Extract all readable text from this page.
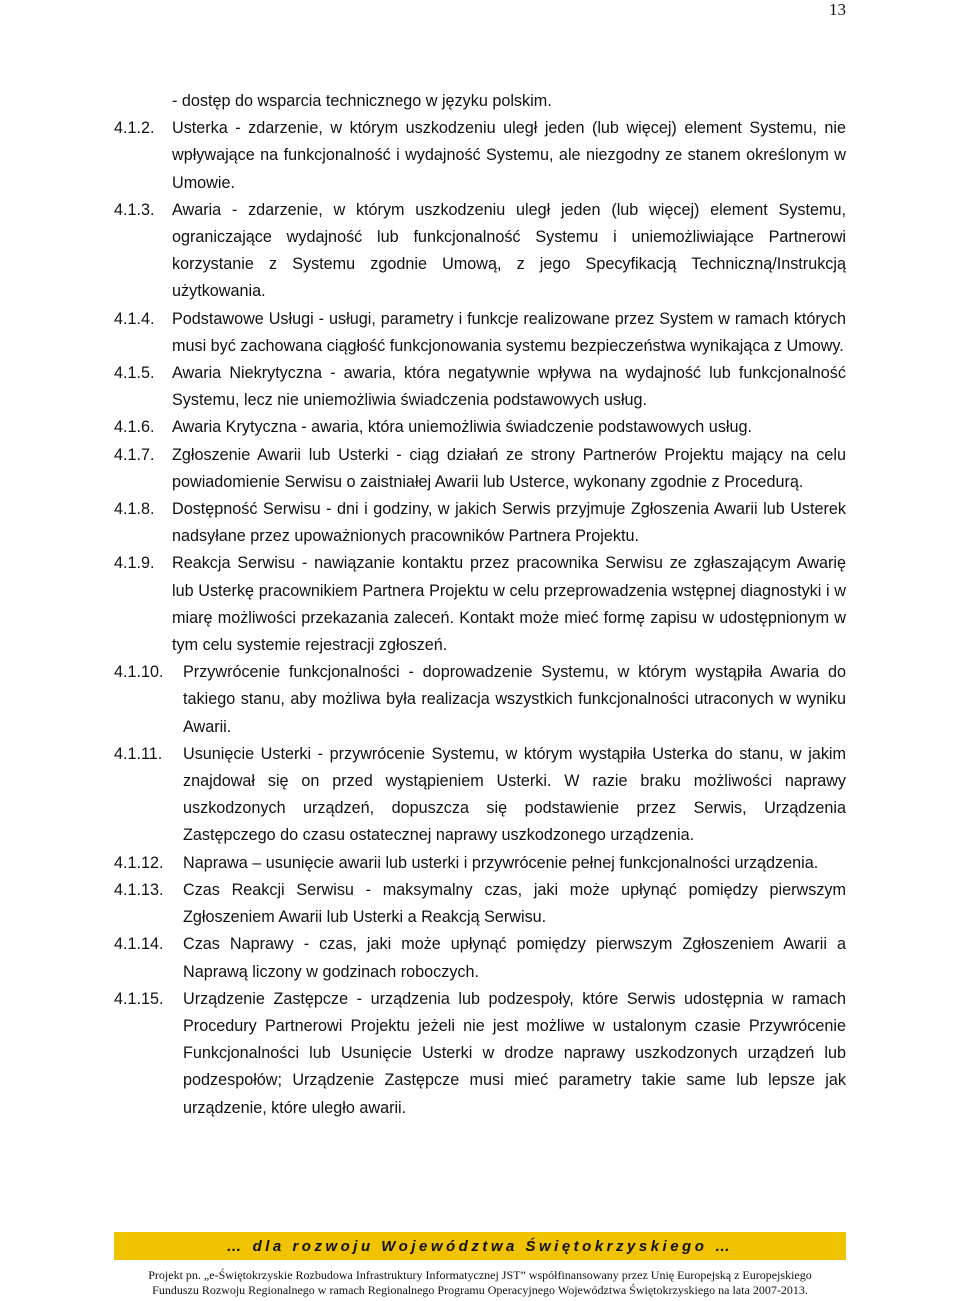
13
- dostęp do wsparcia technicznego w języku polskim.
4.1.2. Usterka - zdarzenie, w którym uszkodzeniu uległ jeden (lub więcej) element Systemu, nie wpływające na funkcjonalność i wydajność Systemu, ale niezgodny ze stanem określonym w Umowie.
4.1.3. Awaria - zdarzenie, w którym uszkodzeniu uległ jeden (lub więcej) element Systemu, ograniczające wydajność lub funkcjonalność Systemu i uniemożliwiające Partnerowi korzystanie z Systemu zgodnie Umową, z jego Specyfikacją Techniczną/Instrukcją użytkowania.
4.1.4. Podstawowe Usługi - usługi, parametry i funkcje realizowane przez System w ramach których musi być zachowana ciągłość funkcjonowania systemu bezpieczeństwa wynikająca z Umowy.
4.1.5. Awaria Niekrytyczna - awaria, która negatywnie wpływa na wydajność lub funkcjonalność Systemu, lecz nie uniemożliwia świadczenia podstawowych usług.
4.1.6. Awaria Krytyczna - awaria, która uniemożliwia świadczenie podstawowych usług.
4.1.7. Zgłoszenie Awarii lub Usterki - ciąg działań ze strony Partnerów Projektu mający na celu powiadomienie Serwisu o zaistniałej Awarii lub Usterce, wykonany zgodnie z Procedurą.
4.1.8. Dostępność Serwisu - dni i godziny, w jakich Serwis przyjmuje Zgłoszenia Awarii lub Usterek nadsyłane przez upoważnionych pracowników Partnera Projektu.
4.1.9. Reakcja Serwisu - nawiązanie kontaktu przez pracownika Serwisu ze zgłaszającym Awarię lub Usterkę pracownikiem Partnera Projektu w celu przeprowadzenia wstępnej diagnostyki i w miarę możliwości przekazania zaleceń. Kontakt może mieć formę zapisu w udostępnionym w tym celu systemie rejestracji zgłoszeń.
4.1.10. Przywrócenie funkcjonalności - doprowadzenie Systemu, w którym wystąpiła Awaria do takiego stanu, aby możliwa była realizacja wszystkich funkcjonalności utraconych w wyniku Awarii.
4.1.11. Usunięcie Usterki - przywrócenie Systemu, w którym wystąpiła Usterka do stanu, w jakim znajdował się on przed wystąpieniem Usterki. W razie braku możliwości naprawy uszkodzonych urządzeń, dopuszcza się podstawienie przez Serwis, Urządzenia Zastępczego do czasu ostatecznej naprawy uszkodzonego urządzenia.
4.1.12. Naprawa – usunięcie awarii lub usterki i przywrócenie pełnej funkcjonalności urządzenia.
4.1.13. Czas Reakcji Serwisu - maksymalny czas, jaki może upłynąć pomiędzy pierwszym Zgłoszeniem Awarii lub Usterki a Reakcją Serwisu.
4.1.14. Czas Naprawy - czas, jaki może upłynąć pomiędzy pierwszym Zgłoszeniem Awarii a Naprawą liczony w godzinach roboczych.
4.1.15. Urządzenie Zastępcze - urządzenia lub podzespoły, które Serwis udostępnia w ramach Procedury Partnerowi Projektu jeżeli nie jest możliwe w ustalonym czasie Przywrócenie Funkcjonalności lub Usunięcie Usterki w drodze naprawy uszkodzonych urządzeń lub podzespołów; Urządzenie Zastępcze musi mieć parametry takie same lub lepsze jak urządzenie, które uległo awarii.
… dla rozwoju Województwa Świętokrzyskiego …
Projekt pn. „e-Świętokrzyskie Rozbudowa Infrastruktury Informatycznej JST” współfinansowany przez Unię Europejską z Europejskiego
Funduszu Rozwoju Regionalnego w ramach Regionalnego Programu Operacyjnego Województwa Świętokrzyskiego na lata 2007-2013.
